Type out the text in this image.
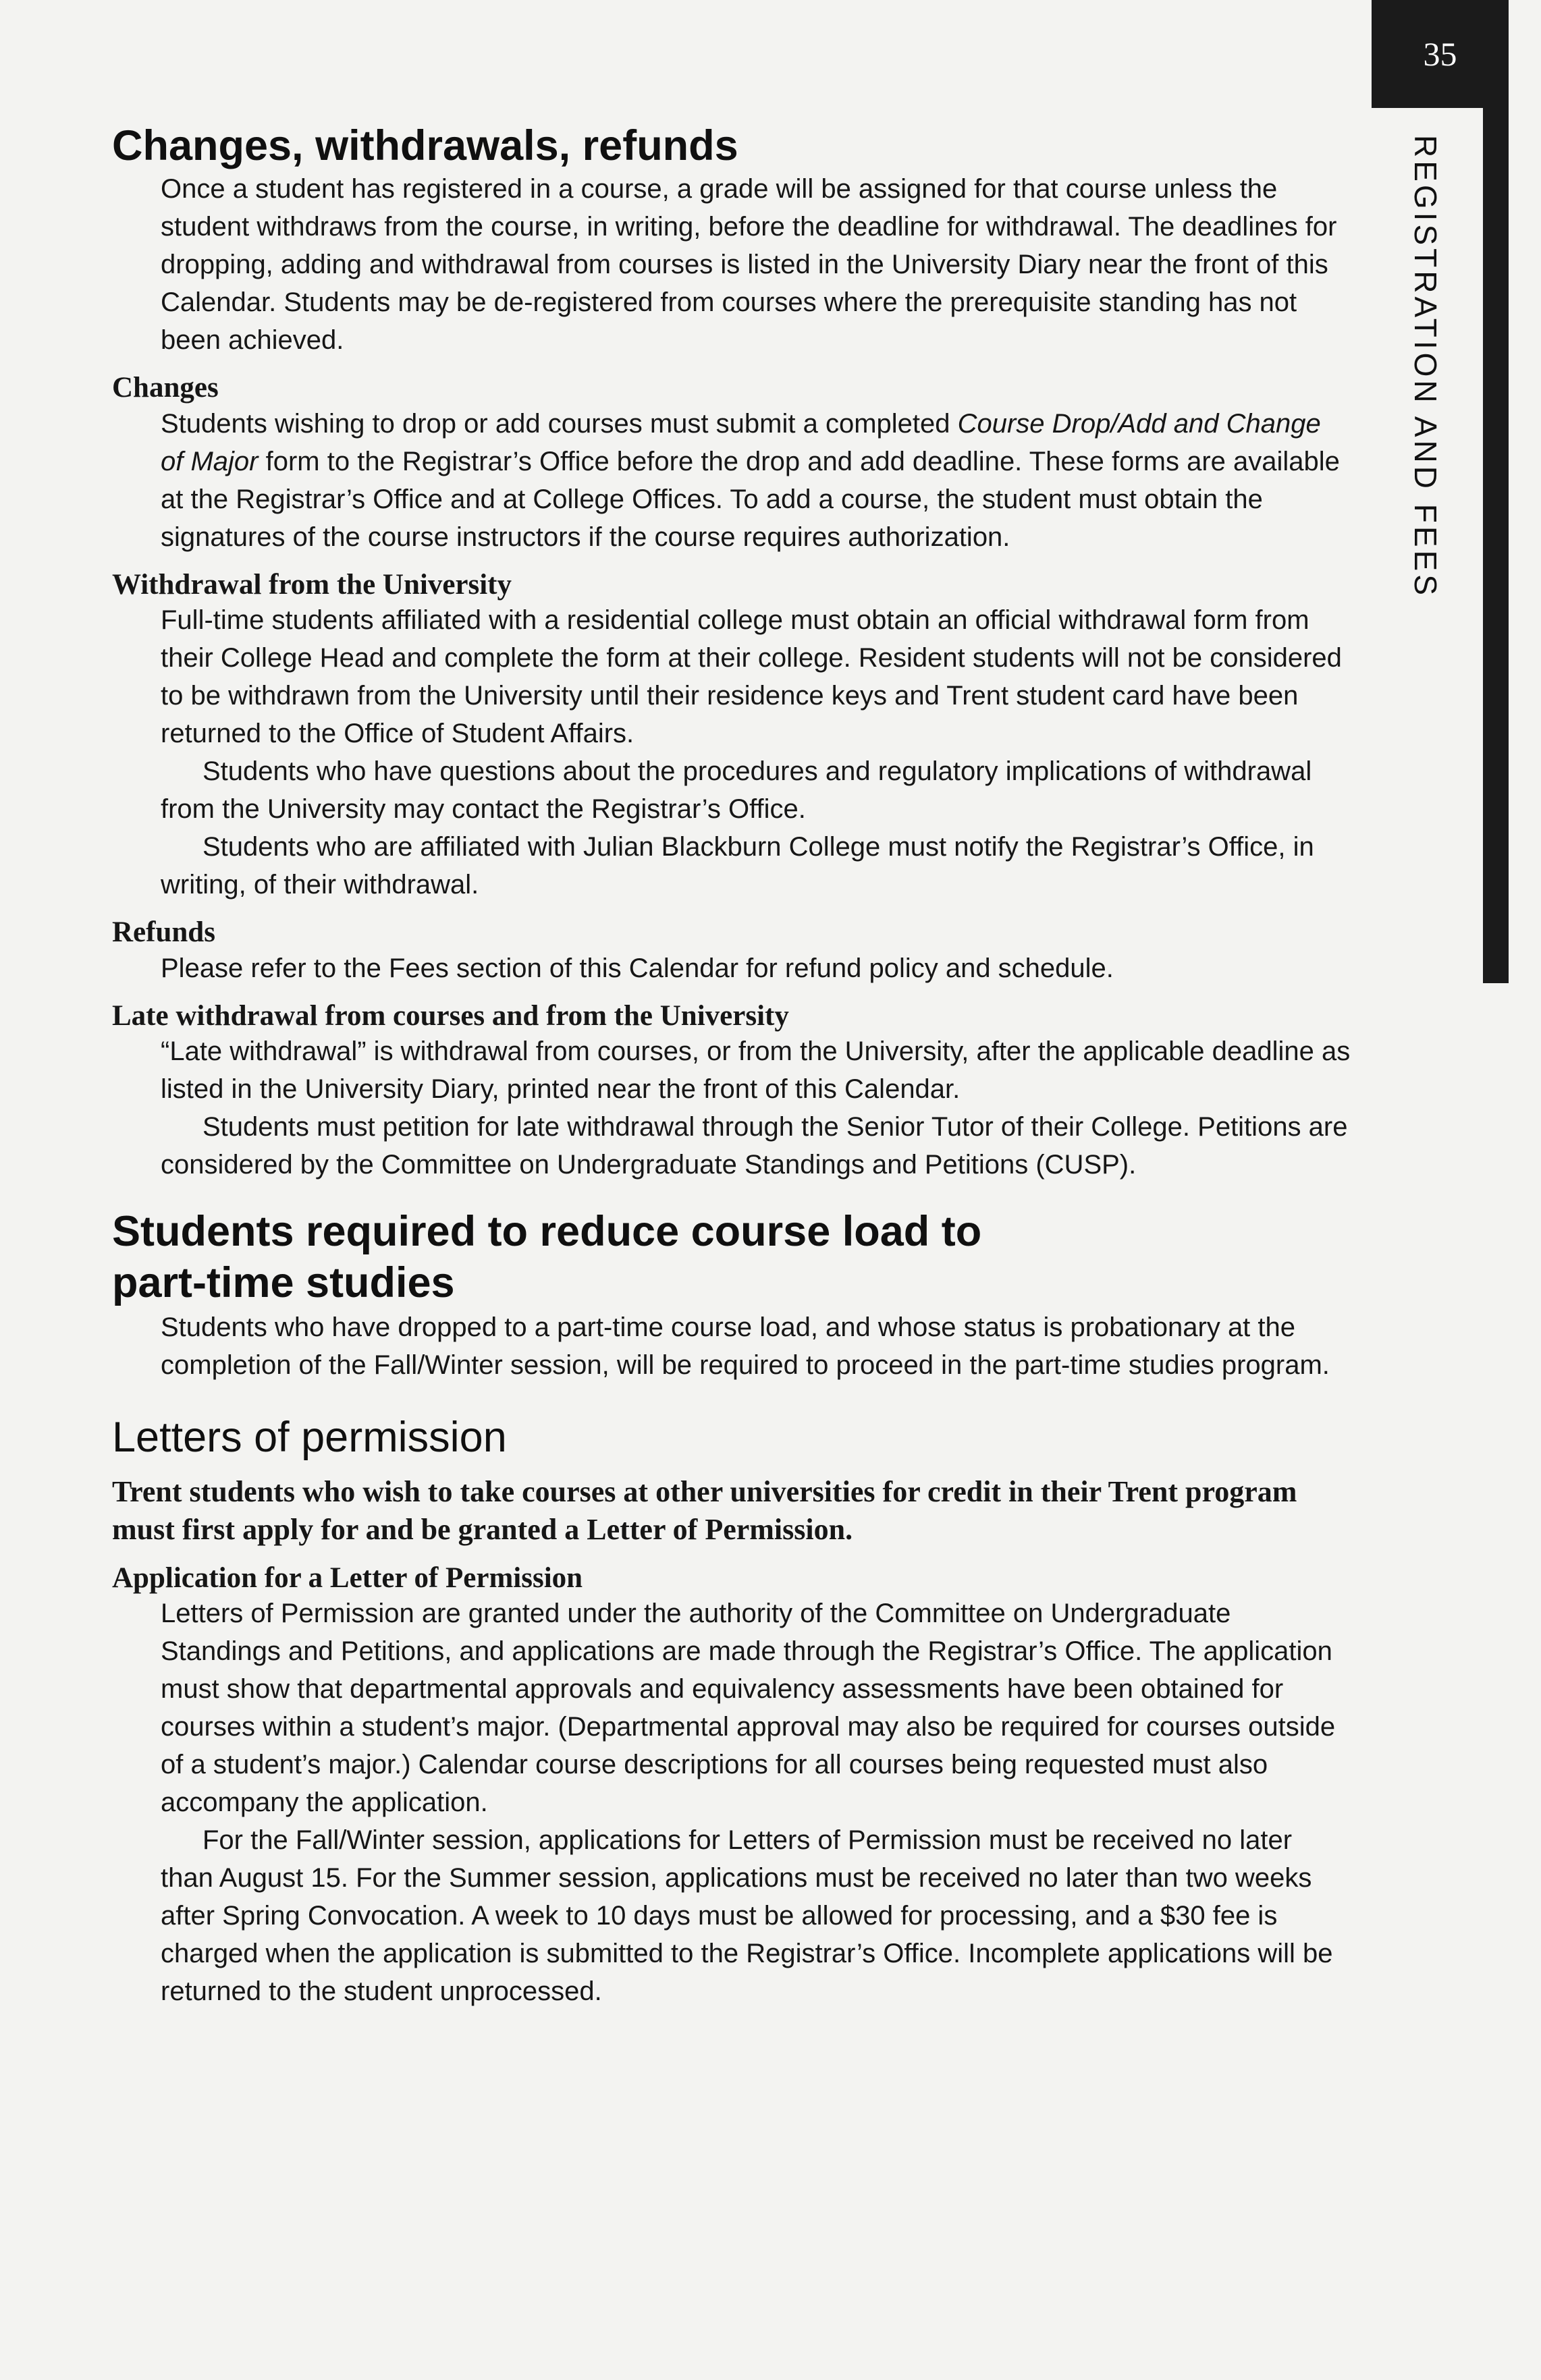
35
REGISTRATION AND FEES
Changes, withdrawals, refunds

Once a student has registered in a course, a grade will be assigned for that course unless the student withdraws from the course, in writing, before the deadline for withdrawal. The deadlines for dropping, adding and withdrawal from courses is listed in the University Diary near the front of this Calendar. Students may be de-registered from courses where the prerequisite standing has not been achieved.

Changes

Students wishing to drop or add courses must submit a completed Course Drop/Add and Change of Major form to the Registrar’s Office before the drop and add deadline. These forms are available at the Registrar’s Office and at College Offices. To add a course, the student must obtain the signatures of the course instructors if the course requires authorization.

Withdrawal from the University

Full-time students affiliated with a residential college must obtain an official withdrawal form from their College Head and complete the form at their college. Resident students will not be considered to be withdrawn from the University until their residence keys and Trent student card have been returned to the Office of Student Affairs.

Students who have questions about the procedures and regulatory implications of withdrawal from the University may contact the Registrar’s Office.

Students who are affiliated with Julian Blackburn College must notify the Registrar’s Office, in writing, of their withdrawal.

Refunds

Please refer to the Fees section of this Calendar for refund policy and schedule.

Late withdrawal from courses and from the University

“Late withdrawal” is withdrawal from courses, or from the University, after the applicable deadline as listed in the University Diary, printed near the front of this Calendar.

Students must petition for late withdrawal through the Senior Tutor of their College. Petitions are considered by the Committee on Undergraduate Standings and Petitions (CUSP).

Students required to reduce course load to part-time studies

Students who have dropped to a part-time course load, and whose status is probationary at the completion of the Fall/Winter session, will be required to proceed in the part-time studies program.

Letters of permission

Trent students who wish to take courses at other universities for credit in their Trent program must first apply for and be granted a Letter of Permission.

Application for a Letter of Permission

Letters of Permission are granted under the authority of the Committee on Undergraduate Standings and Petitions, and applications are made through the Registrar’s Office. The application must show that departmental approvals and equivalency assessments have been obtained for courses within a student’s major. (Departmental approval may also be required for courses outside of a student’s major.) Calendar course descriptions for all courses being requested must also accompany the application.

For the Fall/Winter session, applications for Letters of Permission must be received no later than August 15. For the Summer session, applications must be received no later than two weeks after Spring Convocation. A week to 10 days must be allowed for processing, and a $30 fee is charged when the application is submitted to the Registrar’s Office. Incomplete applications will be returned to the student unprocessed.
